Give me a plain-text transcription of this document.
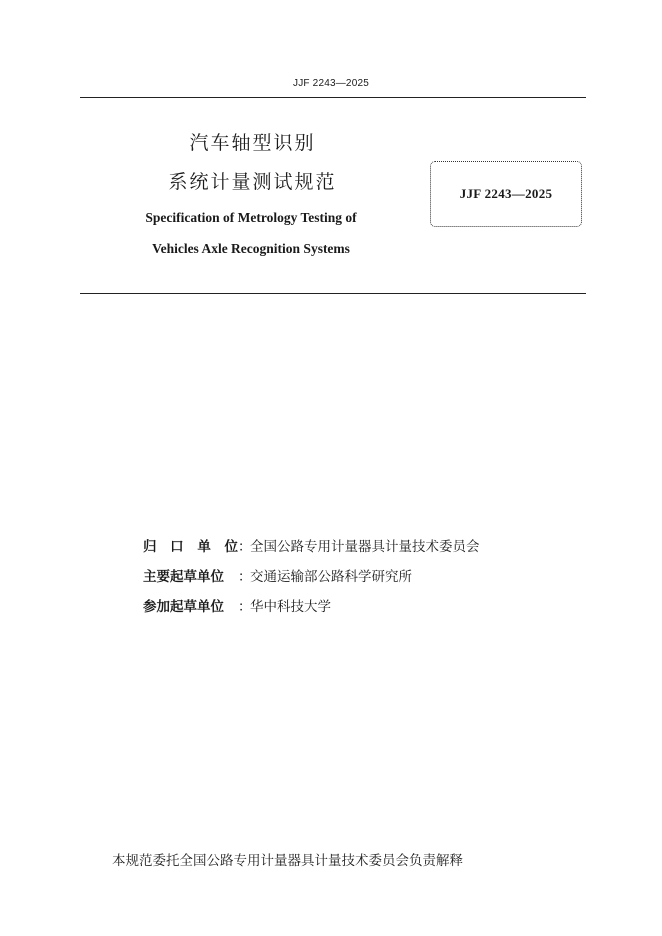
JJF 2243—2025
汽车轴型识别
系统计量测试规范
Specification of Metrology Testing of
Vehicles Axle Recognition Systems
JJF 2243—2025
归 口 单 位 ：
全国公路专用计量器具计量技术委员会
主要起草单位	：
交通运输部公路科学研究所
参加起草单位	：
华中科技大学
本规范委托全国公路专用计量器具计量技术委员会负责解释
